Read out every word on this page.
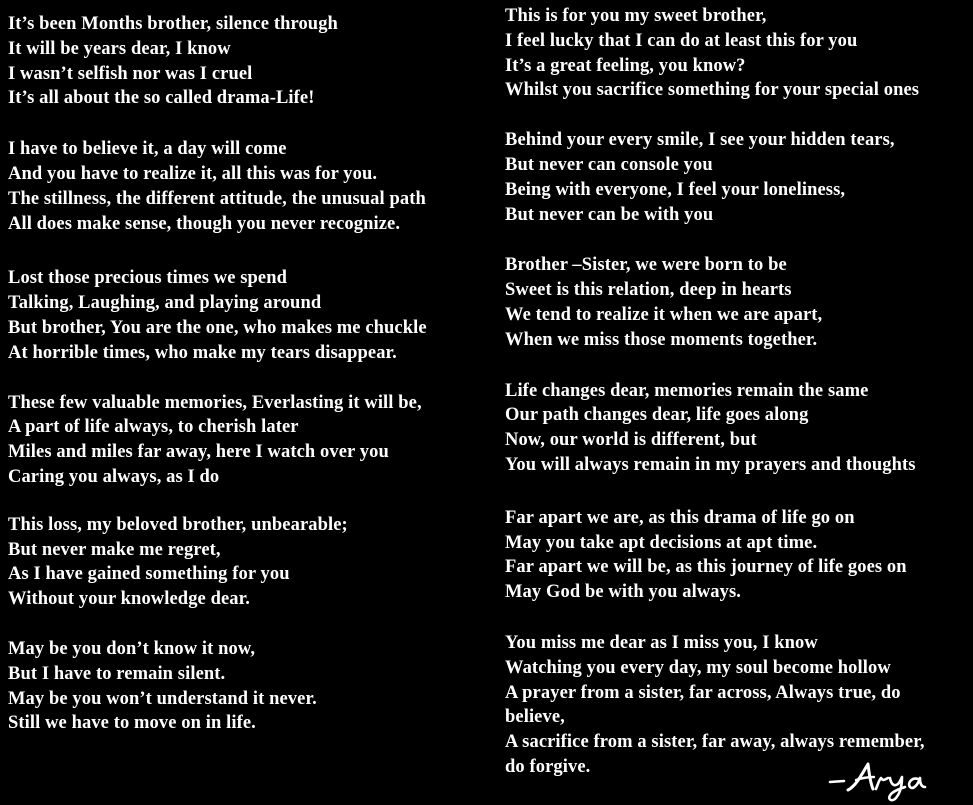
It’s been Months brother, silence through
It will be years dear, I know
I wasn’t selfish nor was I cruel
It’s all about the so called drama-Life!
I have to believe it, a day will come
And you have to realize it, all this was for you.
The stillness, the different attitude, the unusual path
All does make sense, though you never recognize.
Lost those precious times we spend
Talking, Laughing, and playing around
But brother, You are the one, who makes me chuckle
At horrible times, who make my tears disappear.
These few valuable memories, Everlasting it will be,
A part of life always, to cherish later
Miles and miles far away, here I watch over you
Caring you always, as I do
This loss, my beloved brother, unbearable;
But never make me regret,
As I have gained something for you
Without your knowledge dear.
May be you don’t know it now,
But I have to remain silent.
May be you won’t understand it never.
Still we have to move on in life.
This is for you my sweet brother,
I feel lucky that I can do at least this for you
It’s a great feeling, you know?
Whilst you sacrifice something for your special ones
Behind your every smile, I see your hidden tears,
But never can console you
Being with everyone, I feel your loneliness,
But never can be with you
Brother –Sister, we were born to be
Sweet is this relation, deep in hearts
We tend to realize it when we are apart,
When we miss those moments together.
Life changes dear, memories remain the same
Our path changes dear, life goes along
Now, our world is different, but
You will always remain in my prayers and thoughts
Far apart we are, as this drama of life go on
May you take apt decisions at apt time.
Far apart we will be, as this journey of life goes on
May God be with you always.
You miss me dear as I miss you, I know
Watching you every day, my soul become hollow
A prayer from a sister, far across, Always true, do
believe,
A sacrifice from a sister, far away, always remember,
do forgive.
